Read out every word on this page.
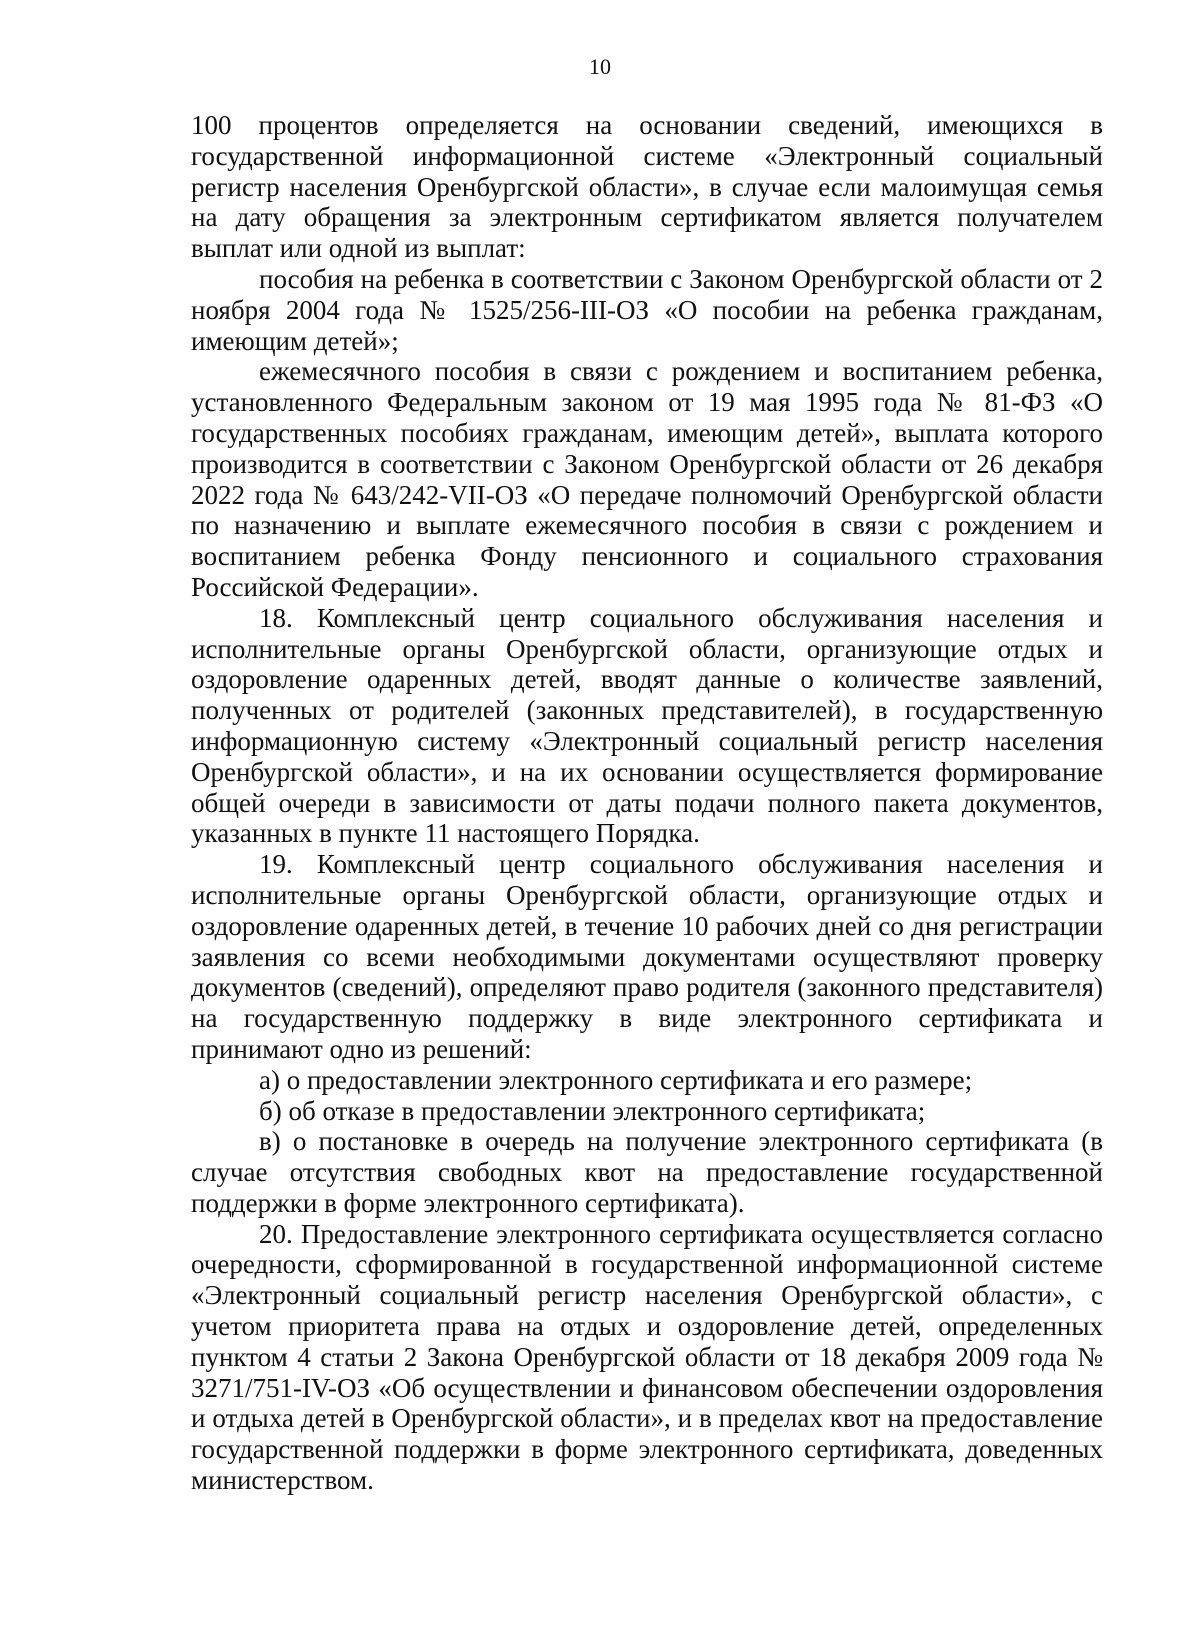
10

100 процентов определяется на основании сведений, имеющихся в государственной информационной системе «Электронный социальный регистр населения Оренбургской области», в случае если малоимущая семья на дату обращения за электронным сертификатом является получателем выплат или одной из выплат:

пособия на ребенка в соответствии с Законом Оренбургской области от 2 ноября 2004 года № 1525/256-III-ОЗ «О пособии на ребенка гражданам, имеющим детей»;

ежемесячного пособия в связи с рождением и воспитанием ребенка, установленного Федеральным законом от 19 мая 1995 года № 81-ФЗ «О государственных пособиях гражданам, имеющим детей», выплата которого производится в соответствии с Законом Оренбургской области от 26 декабря 2022 года № 643/242-VII-ОЗ «О передаче полномочий Оренбургской области по назначению и выплате ежемесячного пособия в связи с рождением и воспитанием ребенка Фонду пенсионного и социального страхования Российской Федерации».

18. Комплексный центр социального обслуживания населения и исполнительные органы Оренбургской области, организующие отдых и оздоровление одаренных детей, вводят данные о количестве заявлений, полученных от родителей (законных представителей), в государственную информационную систему «Электронный социальный регистр населения Оренбургской области», и на их основании осуществляется формирование общей очереди в зависимости от даты подачи полного пакета документов, указанных в пункте 11 настоящего Порядка.

19. Комплексный центр социального обслуживания населения и исполнительные органы Оренбургской области, организующие отдых и оздоровление одаренных детей, в течение 10 рабочих дней со дня регистрации заявления со всеми необходимыми документами осуществляют проверку документов (сведений), определяют право родителя (законного представителя) на государственную поддержку в виде электронного сертификата и принимают одно из решений:

а) о предоставлении электронного сертификата и его размере;

б) об отказе в предоставлении электронного сертификата;

в) о постановке в очередь на получение электронного сертификата (в случае отсутствия свободных квот на предоставление государственной поддержки в форме электронного сертификата).

20. Предоставление электронного сертификата осуществляется согласно очередности, сформированной в государственной информационной системе «Электронный социальный регистр населения Оренбургской области», с учетом приоритета права на отдых и оздоровление детей, определенных пунктом 4 статьи 2 Закона Оренбургской области от 18 декабря 2009 года № 3271/751-IV-ОЗ «Об осуществлении и финансовом обеспечении оздоровления и отдыха детей в Оренбургской области», и в пределах квот на предоставление государственной поддержки в форме электронного сертификата, доведенных министерством.
